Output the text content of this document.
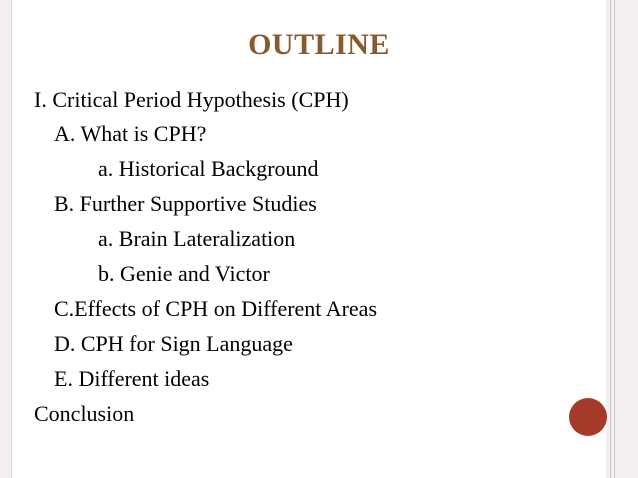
OUTLINE
I. Critical Period Hypothesis (CPH)
A. What is CPH?
a. Historical Background
B. Further Supportive Studies
a. Brain Lateralization
b. Genie and Victor
C.Effects of CPH on Different Areas
D. CPH for Sign Language
E. Different ideas
Conclusion
